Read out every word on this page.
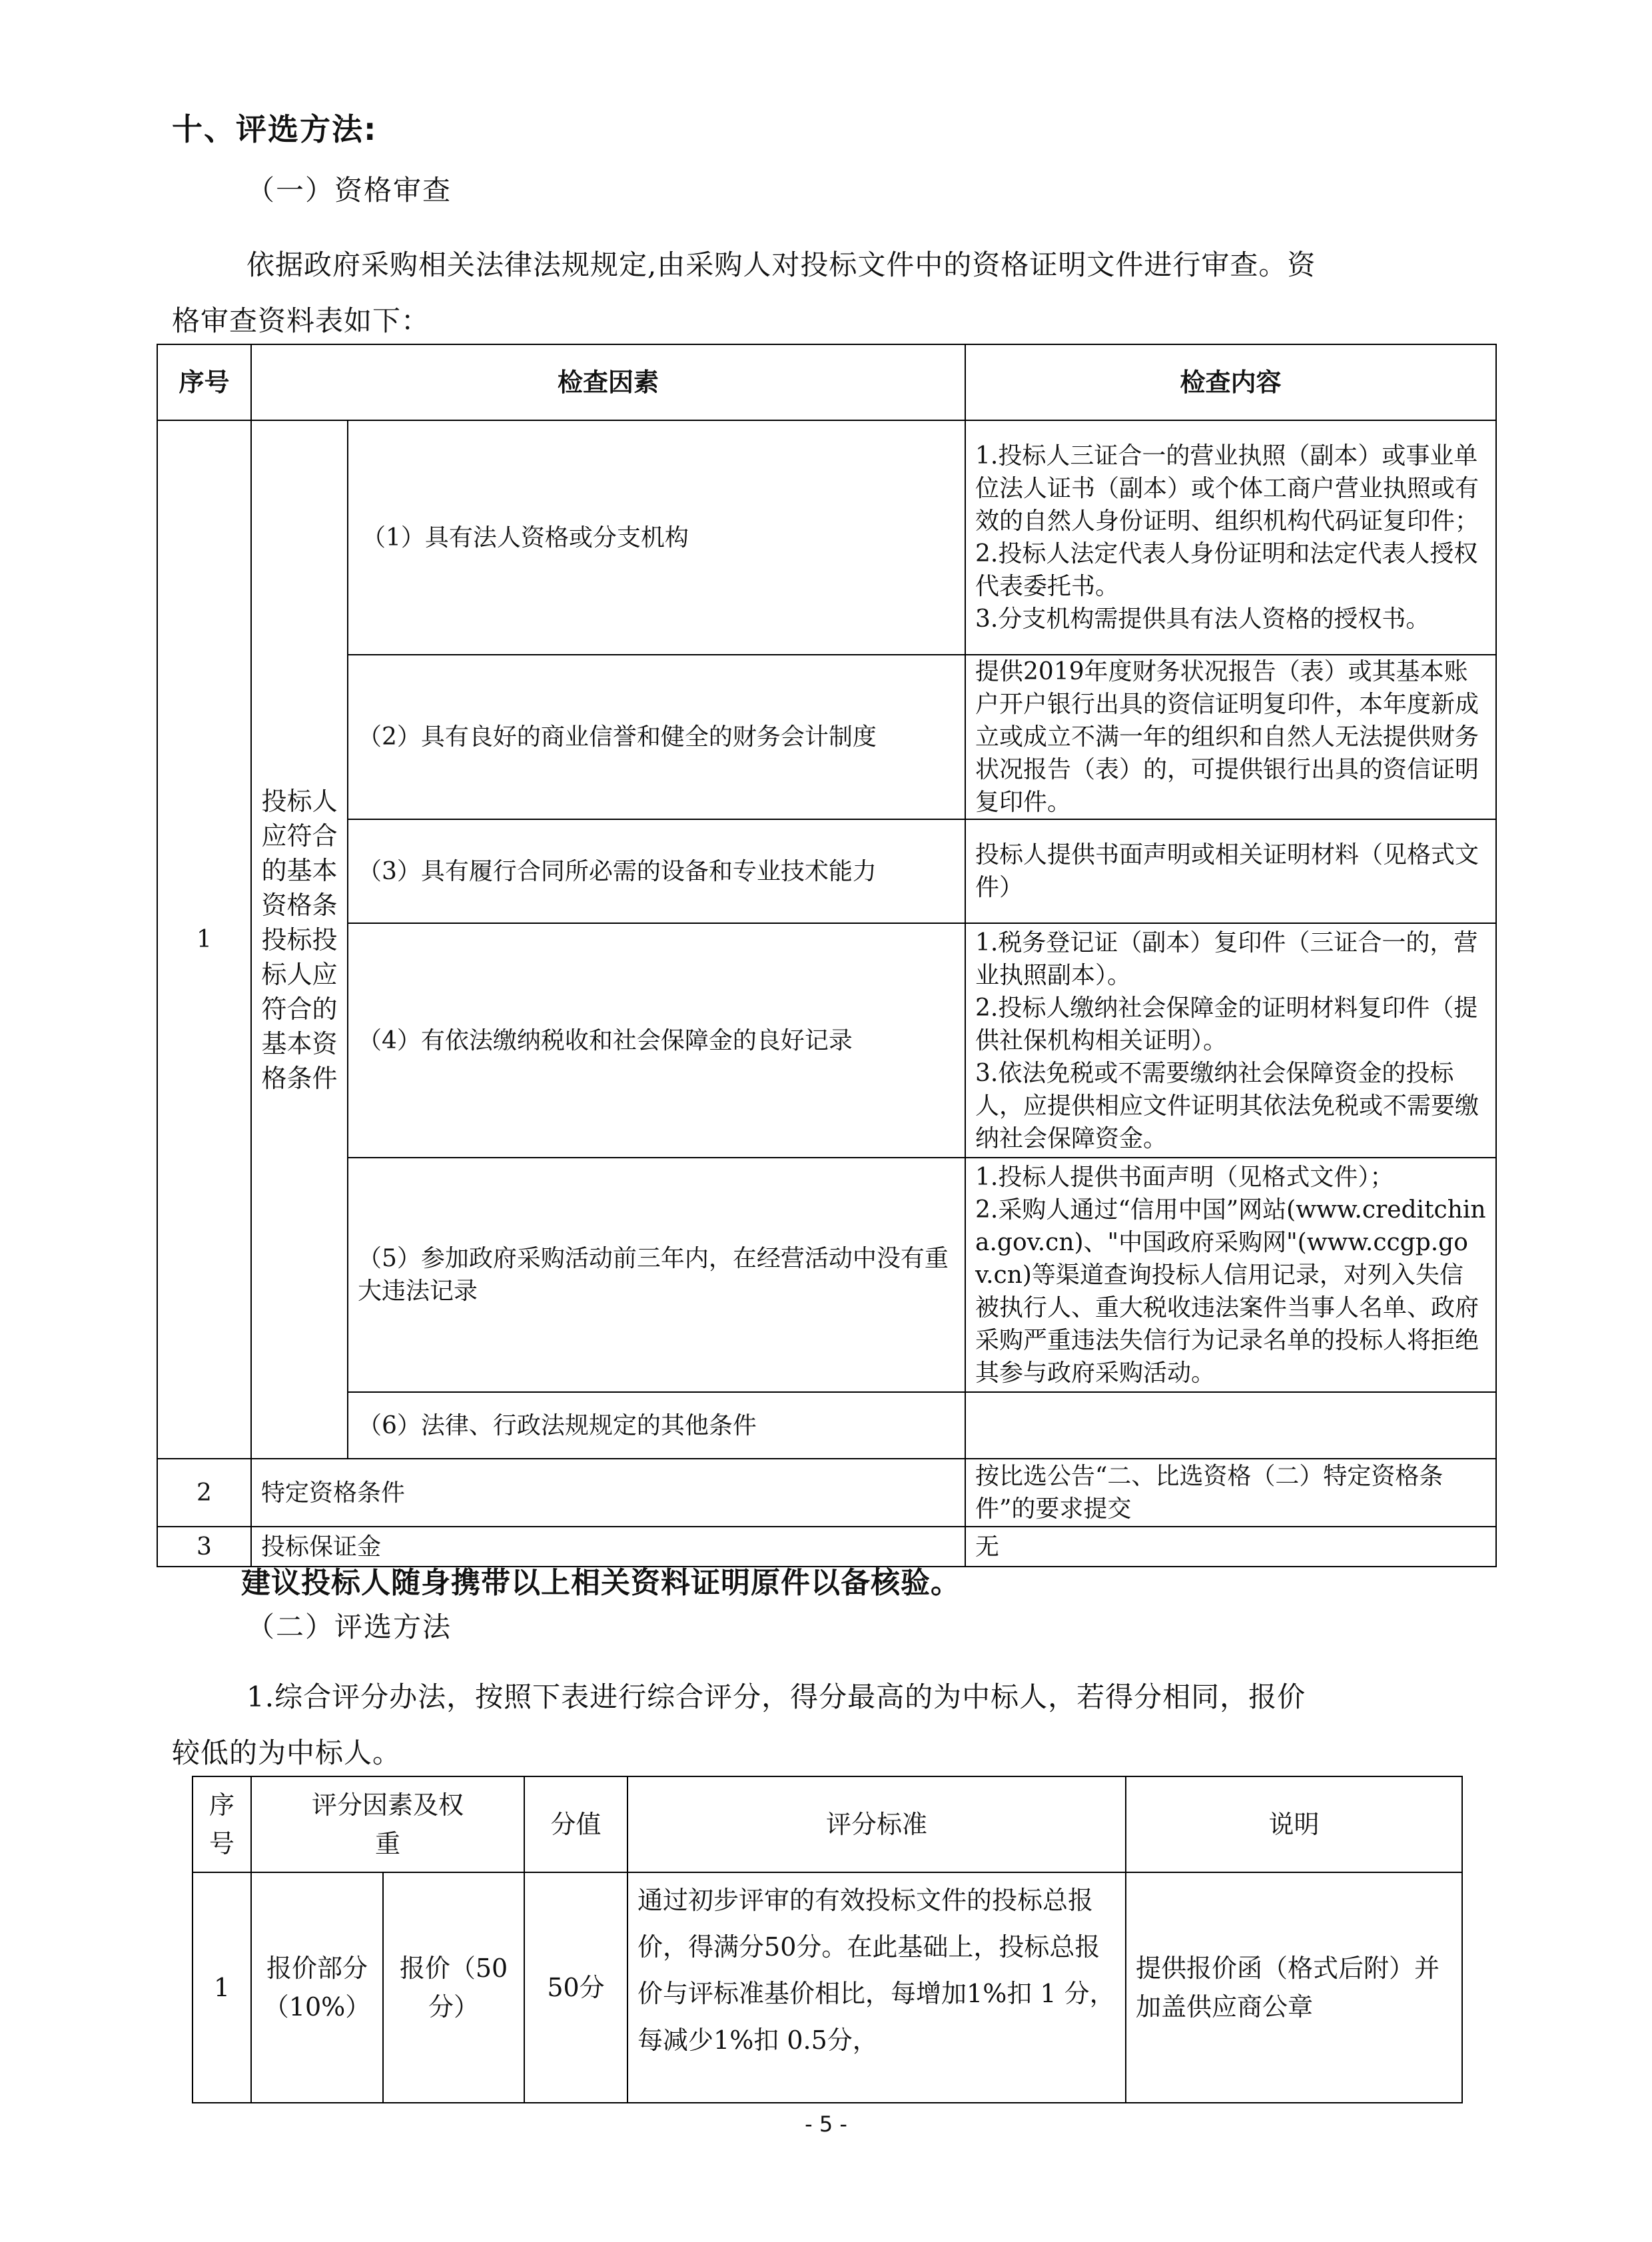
十、评选方法:
（一）资格审查
依据政府采购相关法律法规规定,由采购人对投标文件中的资格证明文件进行审查。资
格审查资料表如下：
序号	检查因素		检查内容
1	投标人应符合的基本资格条投标投标人应符合的基本资格条件	（1）具有法人资格或分支机构	1.投标人三证合一的营业执照（副本）或事业单位法人证书（副本）或个体工商户营业执照或有效的自然人身份证明、组织机构代码证复印件；
2.投标人法定代表人身份证明和法定代表人授权代表委托书。
3.分支机构需提供具有法人资格的授权书。
		（2）具有良好的商业信誉和健全的财务会计制度	提供2019年度财务状况报告（表）或其基本账户开户银行出具的资信证明复印件，本年度新成立或成立不满一年的组织和自然人无法提供财务状况报告（表）的，可提供银行出具的资信证明复印件。
		（3）具有履行合同所必需的设备和专业技术能力	投标人提供书面声明或相关证明材料（见格式文件）
		（4）有依法缴纳税收和社会保障金的良好记录	1.税务登记证（副本）复印件（三证合一的，营业执照副本）。
2.投标人缴纳社会保障金的证明材料复印件（提供社保机构相关证明）。
3.依法免税或不需要缴纳社会保障资金的投标人，应提供相应文件证明其依法免税或不需要缴纳社会保障资金。
		（5）参加政府采购活动前三年内，在经营活动中没有重大违法记录	1.投标人提供书面声明（见格式文件）；
2.采购人通过“信用中国”网站(www.creditchina.gov.cn)、"中国政府采购网"(www.ccgp.gov.cn)等渠道查询投标人信用记录，对列入失信被执行人、重大税收违法案件当事人名单、政府采购严重违法失信行为记录名单的投标人将拒绝其参与政府采购活动。
		（6）法律、行政法规规定的其他条件	
2	特定资格条件		按比选公告“二、比选资格（二）特定资格条件”的要求提交
3	投标保证金		无
建议投标人随身携带以上相关资料证明原件以备核验。
（二）评选方法
1.综合评分办法，按照下表进行综合评分，得分最高的为中标人，若得分相同，报价
较低的为中标人。
序号	评分因素及权重		分值	评分标准	说明
1	报价部分（10%）	报价（50分）	50分	通过初步评审的有效投标文件的投标总报价，得满分50分。在此基础上，投标总报价与评标准基价相比，每增加1%扣 1 分，每减少1%扣 0.5分，	提供报价函（格式后附）并加盖供应商公章
- 5 -
